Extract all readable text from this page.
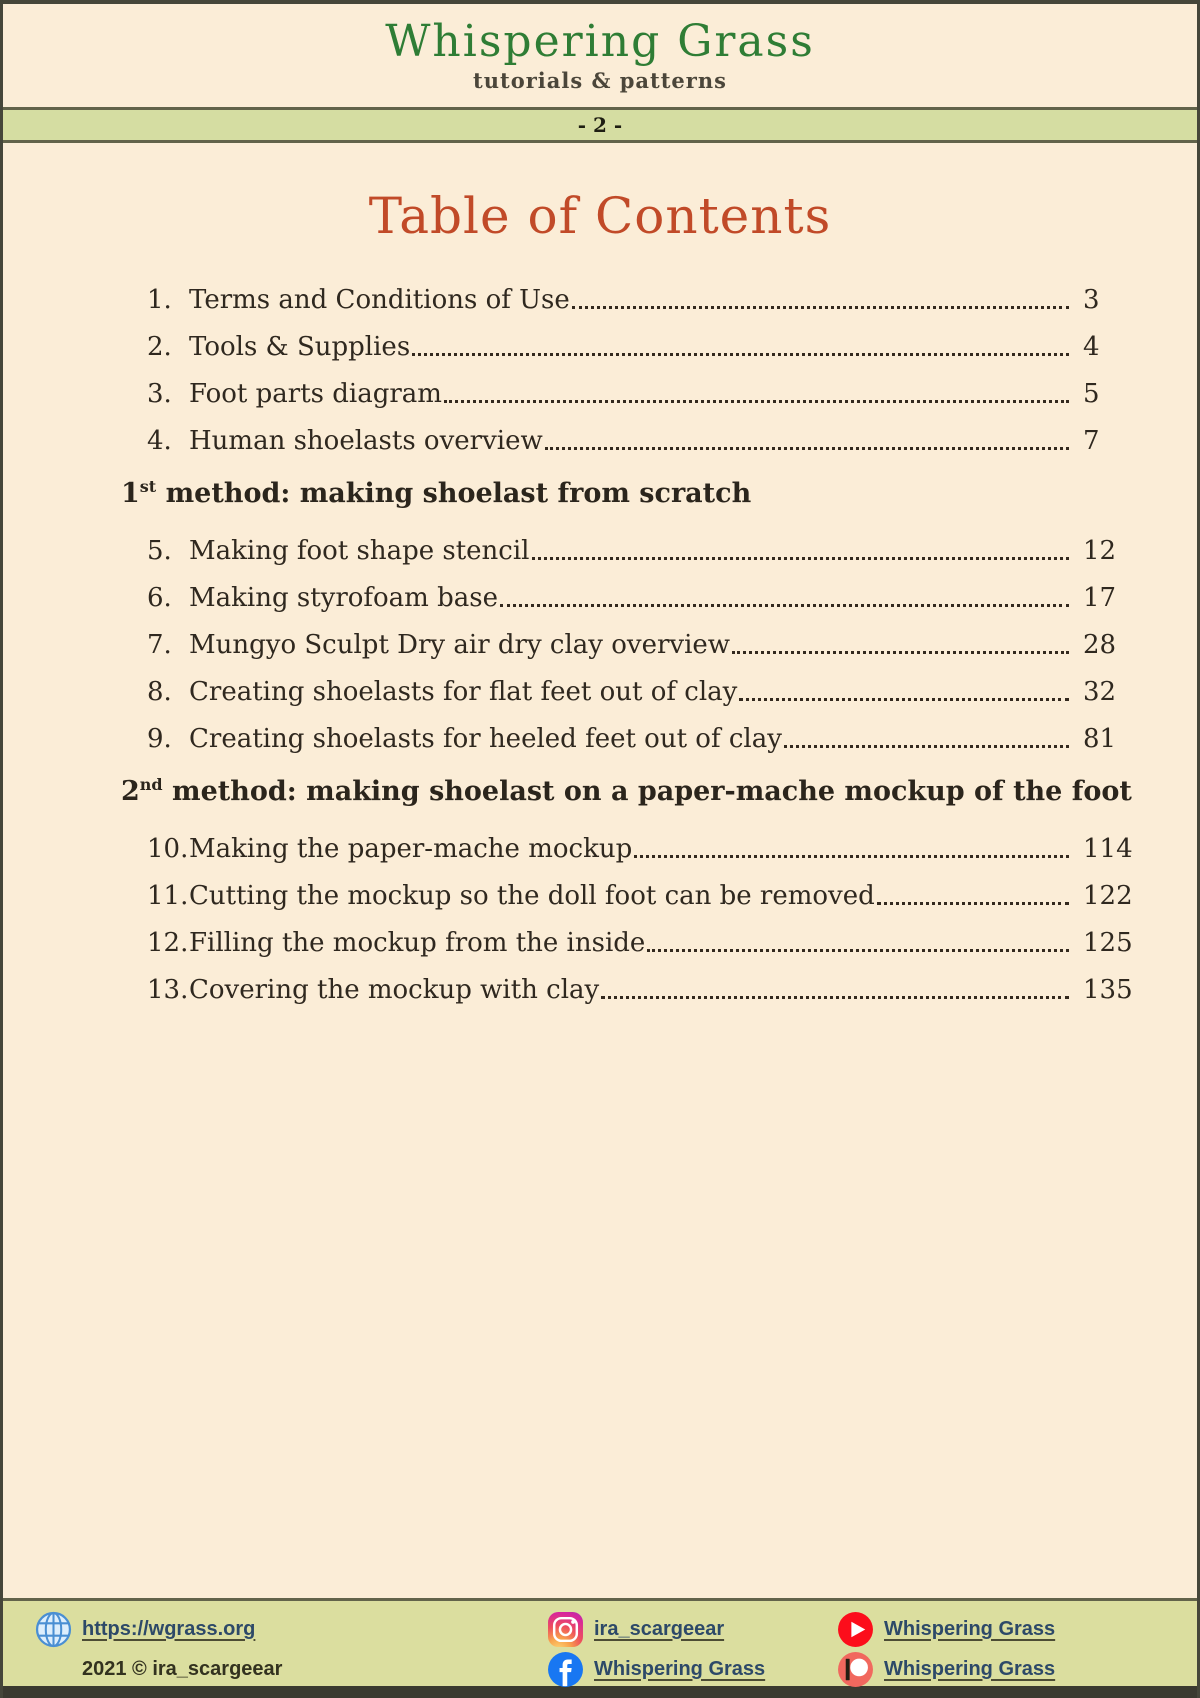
Whispering Grass
tutorials & patterns
- 2 -
Table of Contents
1. Terms and Conditions of Use	3
2. Tools & Supplies	4
3. Foot parts diagram	5
4. Human shoelasts overview	7
1st method: making shoelast from scratch
5. Making foot shape stencil	12
6. Making styrofoam base	17
7. Mungyo Sculpt Dry air dry clay overview	28
8. Creating shoelasts for flat feet out of clay	32
9. Creating shoelasts for heeled feet out of clay	81
2nd method: making shoelast on a paper-mache mockup of the foot
10. Making the paper-mache mockup	114
11. Cutting the mockup so the doll foot can be removed	122
12. Filling the mockup from the inside	125
13. Covering the mockup with clay	135
https://wgrass.org
2021 © ira_scargeear
ira_scargeear
Whispering Grass
Whispering Grass
Whispering Grass
